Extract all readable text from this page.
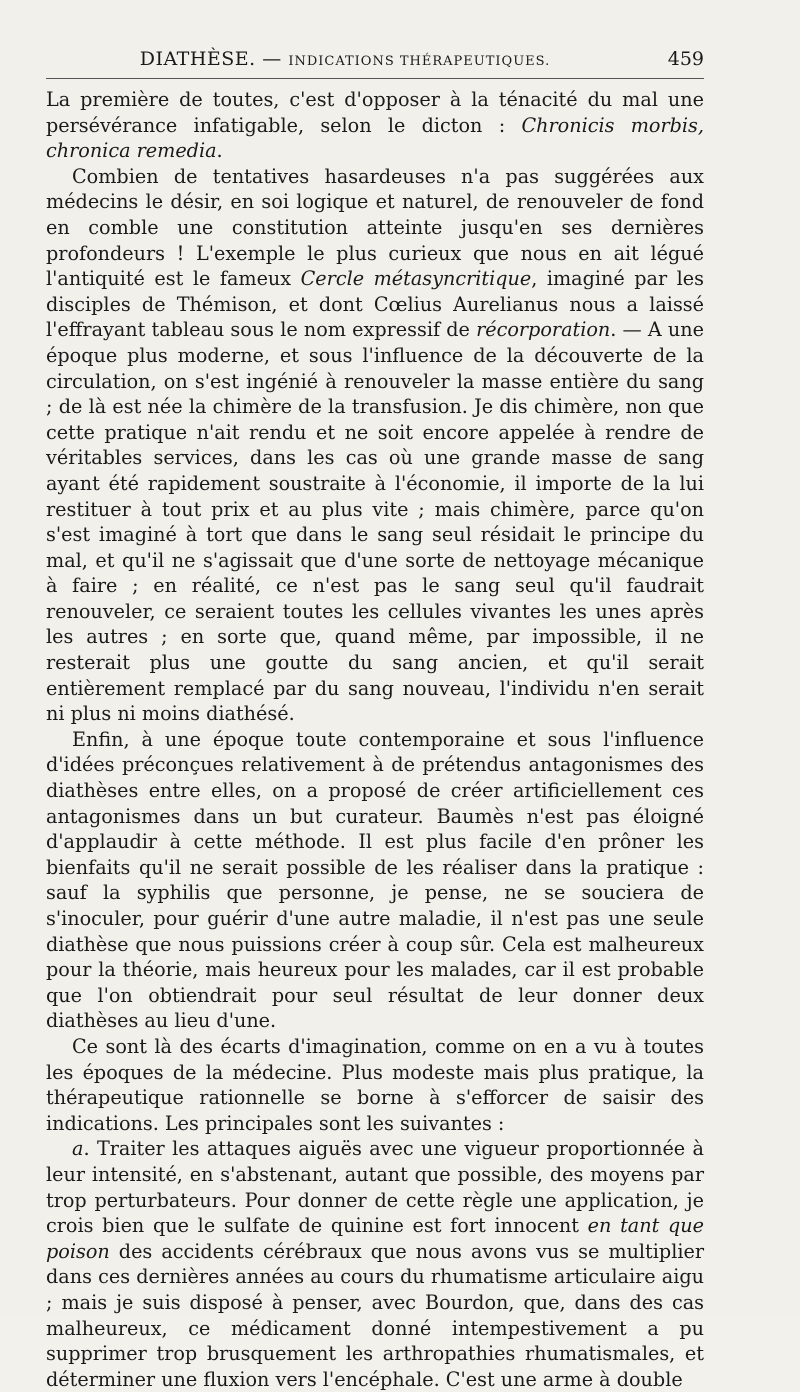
DIATHÈSE. — INDICATIONS THÉRAPEUTIQUES.	459

La première de toutes, c'est d'opposer à la ténacité du mal une persévérance infatigable, selon le dicton : Chronicis morbis, chronica remedia.

Combien de tentatives hasardeuses n'a pas suggérées aux médecins le désir, en soi logique et naturel, de renouveler de fond en comble une constitution atteinte jusqu'en ses dernières profondeurs ! L'exemple le plus curieux que nous en ait légué l'antiquité est le fameux Cercle métasyncritique, imaginé par les disciples de Thémison, et dont Cœlius Aurelianus nous a laissé l'effrayant tableau sous le nom expressif de récorporation. — A une époque plus moderne, et sous l'influence de la découverte de la circulation, on s'est ingénié à renouveler la masse entière du sang ; de là est née la chimère de la transfusion. Je dis chimère, non que cette pratique n'ait rendu et ne soit encore appelée à rendre de véritables services, dans les cas où une grande masse de sang ayant été rapidement soustraite à l'économie, il importe de la lui restituer à tout prix et au plus vite ; mais chimère, parce qu'on s'est imaginé à tort que dans le sang seul résidait le principe du mal, et qu'il ne s'agissait que d'une sorte de nettoyage mécanique à faire ; en réalité, ce n'est pas le sang seul qu'il faudrait renouveler, ce seraient toutes les cellules vivantes les unes après les autres ; en sorte que, quand même, par impossible, il ne resterait plus une goutte du sang ancien, et qu'il serait entièrement remplacé par du sang nouveau, l'individu n'en serait ni plus ni moins diathésé.

Enfin, à une époque toute contemporaine et sous l'influence d'idées préconçues relativement à de prétendus antagonismes des diathèses entre elles, on a proposé de créer artificiellement ces antagonismes dans un but curateur. Baumès n'est pas éloigné d'applaudir à cette méthode. Il est plus facile d'en prôner les bienfaits qu'il ne serait possible de les réaliser dans la pratique : sauf la syphilis que personne, je pense, ne se souciera de s'inoculer, pour guérir d'une autre maladie, il n'est pas une seule diathèse que nous puissions créer à coup sûr. Cela est malheureux pour la théorie, mais heureux pour les malades, car il est probable que l'on obtiendrait pour seul résultat de leur donner deux diathèses au lieu d'une.

Ce sont là des écarts d'imagination, comme on en a vu à toutes les époques de la médecine. Plus modeste mais plus pratique, la thérapeutique rationnelle se borne à s'efforcer de saisir des indications. Les principales sont les suivantes :

a. Traiter les attaques aiguës avec une vigueur proportionnée à leur intensité, en s'abstenant, autant que possible, des moyens par trop perturbateurs. Pour donner de cette règle une application, je crois bien que le sulfate de quinine est fort innocent en tant que poison des accidents cérébraux que nous avons vus se multiplier dans ces dernières années au cours du rhumatisme articulaire aigu ; mais je suis disposé à penser, avec Bourdon, que, dans des cas malheureux, ce médicament donné intempestivement a pu supprimer trop brusquement les arthropathies rhumatismales, et déterminer une fluxion vers l'encéphale. C'est une arme à double
